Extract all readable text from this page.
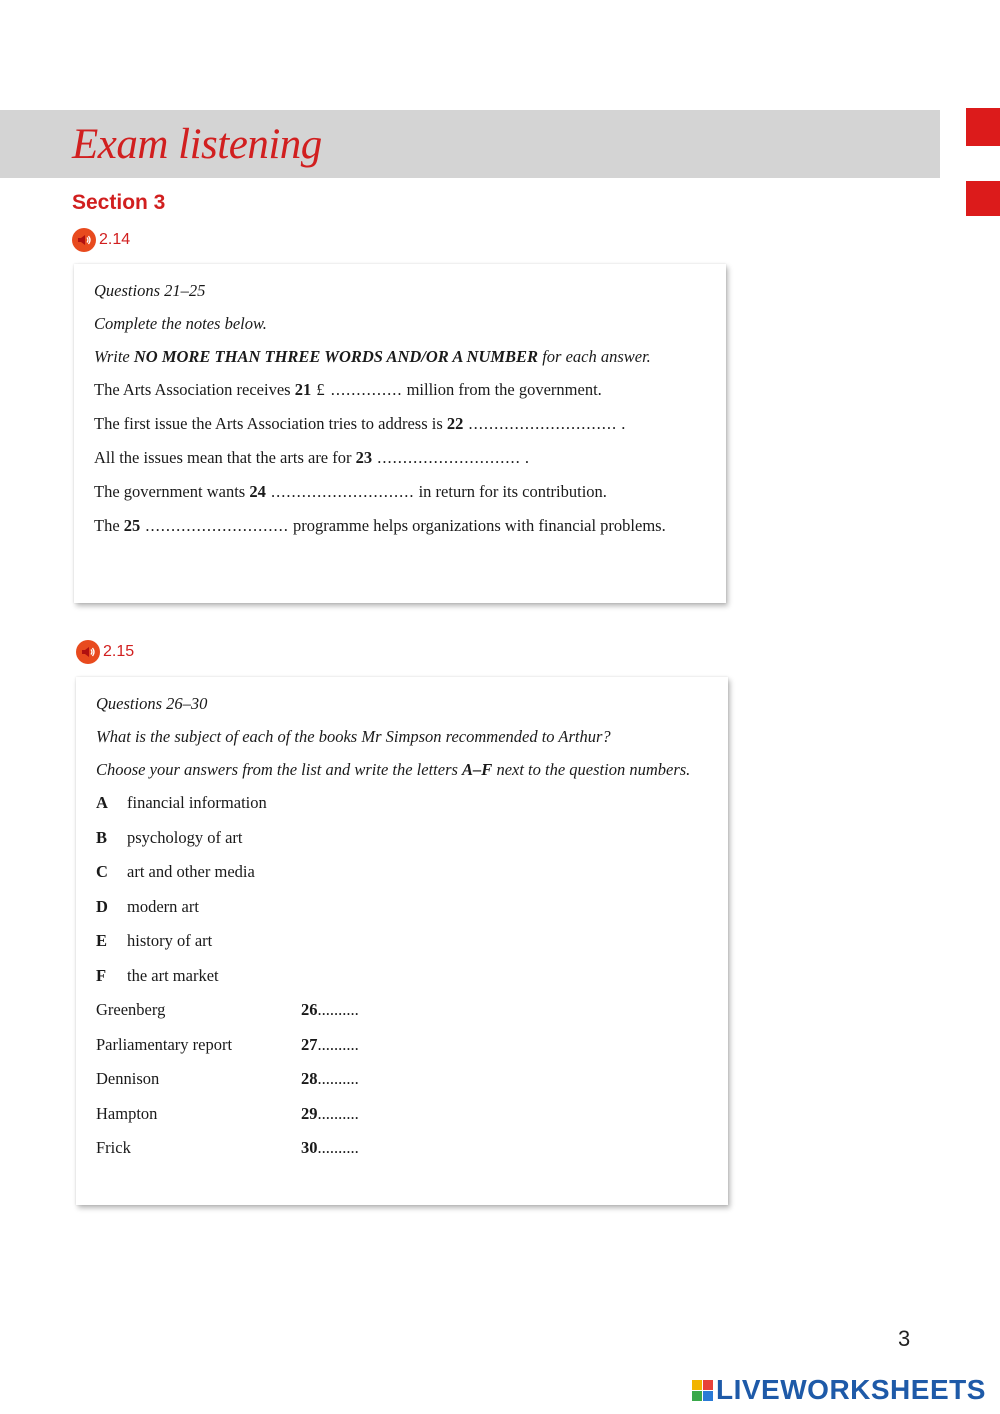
Exam listening
Section 3
2.14
Questions 21–25
Complete the notes below.
Write NO MORE THAN THREE WORDS AND/OR A NUMBER for each answer.
The Arts Association receives 21 £ .............. million from the government.
The first issue the Arts Association tries to address is 22 ............................. .
All the issues mean that the arts are for 23 ............................ .
The government wants 24 ............................ in return for its contribution.
The 25 ............................ programme helps organizations with financial problems.
2.15
Questions 26–30
What is the subject of each of the books Mr Simpson recommended to Arthur?
Choose your answers from the list and write the letters A–F next to the question numbers.
A	financial information
B	psychology of art
C	art and other media
D	modern art
E	history of art
F	the art market
Greenberg	26 ..........
Parliamentary report	27 ..........
Dennison	28 ..........
Hampton	29 ..........
Frick	30 ..........
3
LIVEWORKSHEETS
